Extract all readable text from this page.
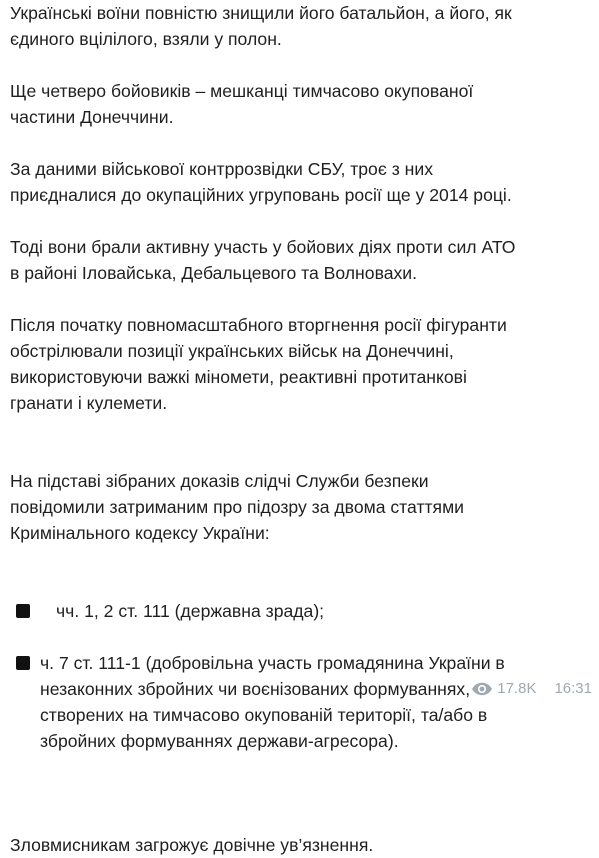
Українські воїни повністю знищили його батальйон, а його, як
єдиного вцілілого, взяли у полон.

Ще четверо бойовиків – мешканці тимчасово окупованої
частини Донеччини.

За даними військової контррозвідки СБУ, троє з них
приєдналися до окупаційних угруповань росії ще у 2014 році.

Тоді вони брали активну участь у бойових діях проти сил АТО
в районі Іловайська, Дебальцевого та Волновахи.

Після початку повномасштабного вторгнення росії фігуранти
обстрілювали позиції українських військ на Донеччині,
використовуючи важкі міномети, реактивні протитанкові
гранати і кулемети.

На підставі зібраних доказів слідчі Служби безпеки
повідомили затриманим про підозру за двома статтями
Кримінального кодексу України:

чч. 1, 2 ст. 111 (державна зрада);

ч. 7 ст. 111-1 (добровільна участь громадянина України в
незаконних збройних чи воєнізованих формуваннях,
створених на тимчасово окупованій території, та/або в
збройних формуваннях держави-агресора).

Зловмисникам загрожує довічне ув’язнення.

17.8K 16:31
